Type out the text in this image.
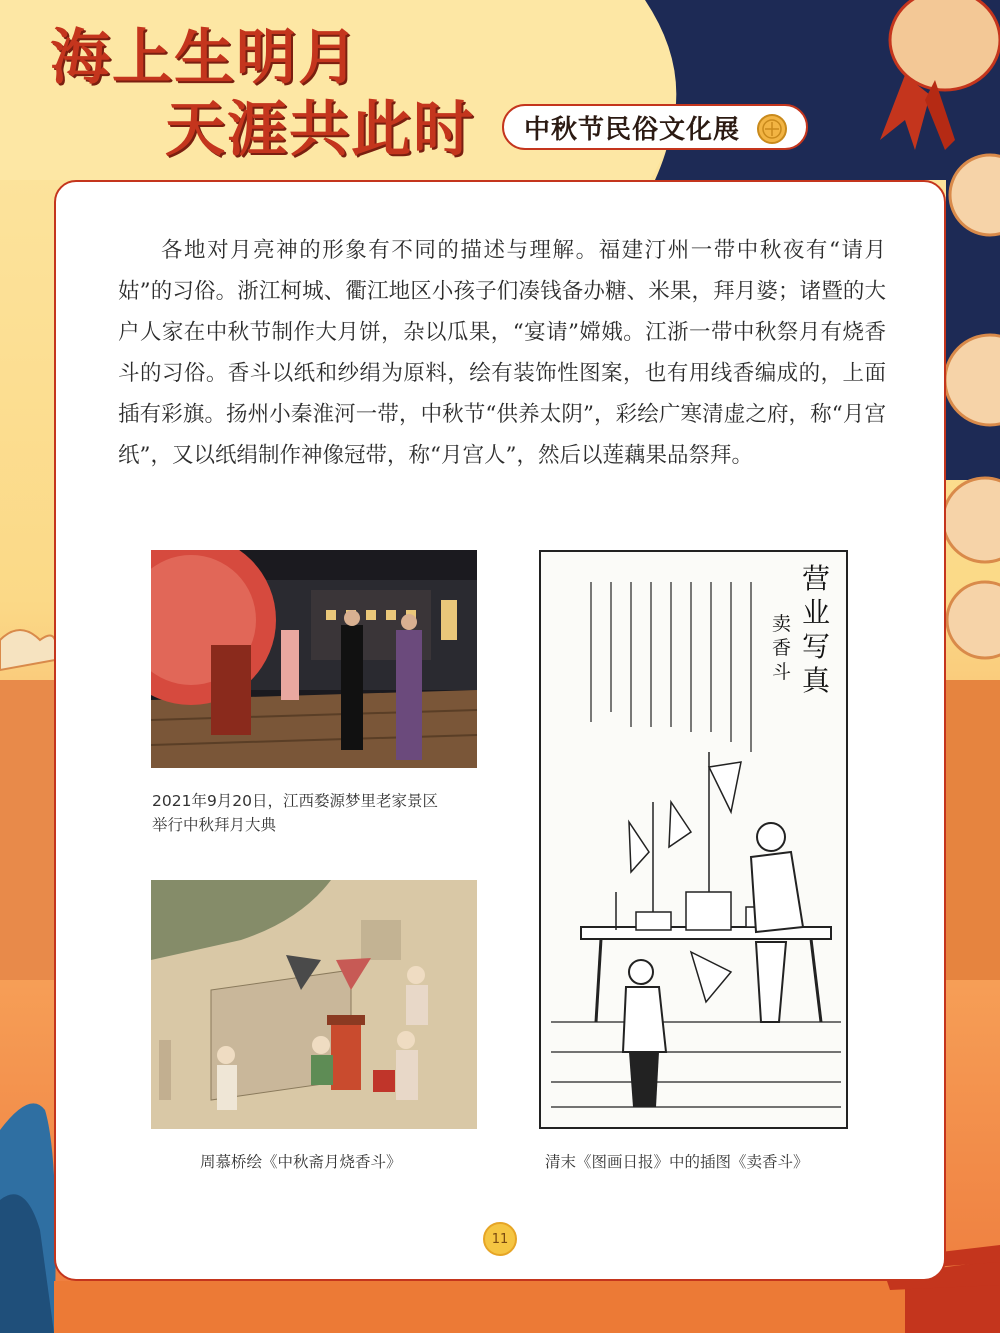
海上生明月
天涯共此时 中秋节民俗文化展

各地对月亮神的形象有不同的描述与理解。福建汀州一带中秋夜有“请月姑”的习俗。浙江柯城、衢江地区小孩子们凑钱备办糖、米果，拜月婆；诸暨的大户人家在中秋节制作大月饼，杂以瓜果，“宴请”嫦娥。江浙一带中秋祭月有烧香斗的习俗。香斗以纸和纱绢为原料，绘有装饰性图案，也有用线香编成的，上面插有彩旗。扬州小秦淮河一带，中秋节“供养太阴”，彩绘广寒清虚之府，称“月宫纸”，又以纸绢制作神像冠带，称“月宫人”，然后以莲藕果品祭拜。

2021年9月20日，江西婺源梦里老家景区
举行中秋拜月大典

周慕桥绘《中秋斋月烧香斗》

营业写真
卖香斗

清末《图画日报》中的插图《卖香斗》

11
